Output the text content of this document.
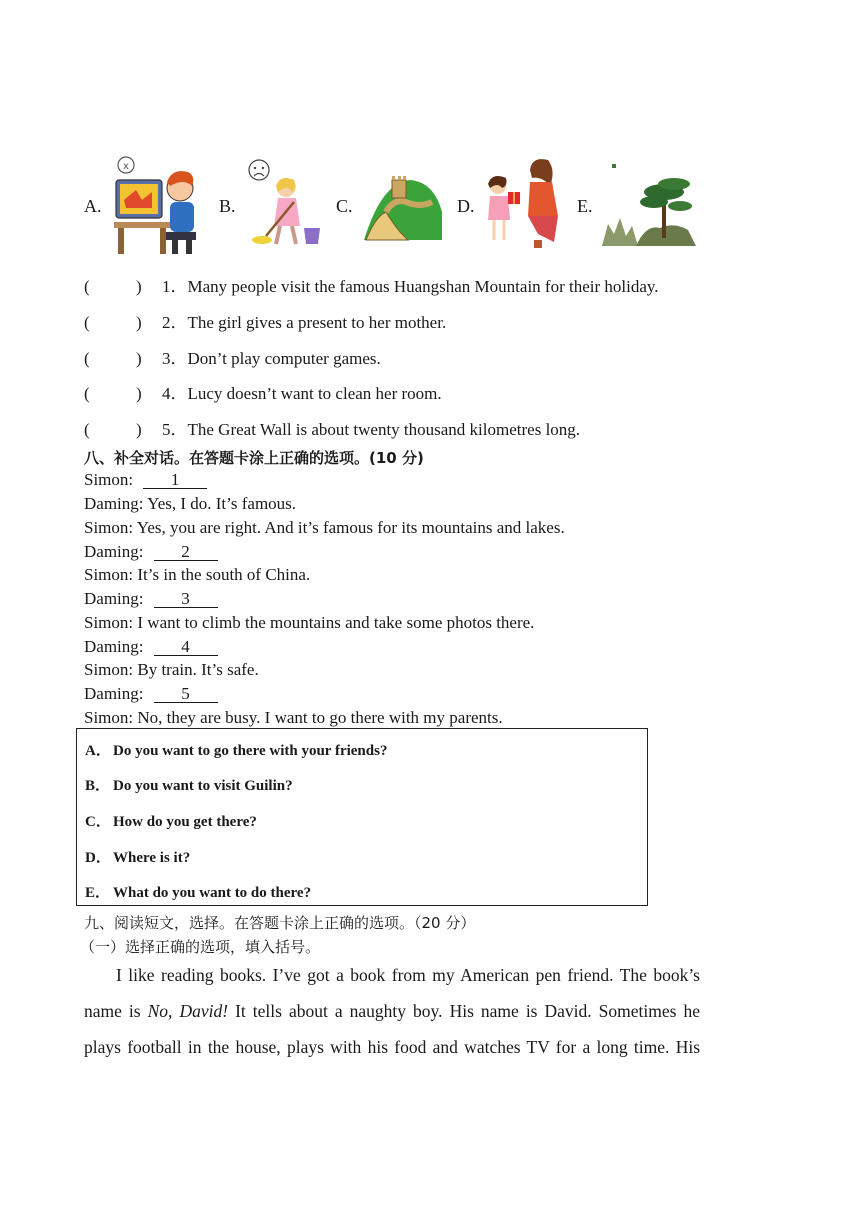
A.
x
B.	C.	D.	E.
(	) 1．Many people visit the famous Huangshan Mountain for their holiday.
(	) 2．The girl gives a present to her mother.
(	) 3．Don’t play computer games.
(	) 4．Lucy doesn’t want to clean her room.
(	) 5．The Great Wall is about twenty thousand kilometres long.
八、补全对话。在答题卡涂上正确的选项。(10 分)
Simon: 1
Daming: Yes, I do. It’s famous.
Simon: Yes, you are right. And it’s famous for its mountains and lakes.
Daming: 2
Simon: It’s in the south of China.
Daming: 3
Simon: I want to climb the mountains and take some photos there.
Daming: 4
Simon: By train. It’s safe.
Daming: 5
Simon: No, they are busy. I want to go there with my parents.
A． Do you want to go there with your friends?
B． Do you want to visit Guilin?
C． How do you get there?
D． Where is it?
E． What do you want to do there?
九、阅读短文，选择。在答题卡涂上正确的选项。（20 分）
（一）选择正确的选项，填入括号。
I like reading books. I’ve got a book from my American pen friend. The book’s
name is No, David! It tells about a naughty boy. His name is David. Sometimes he
plays football in the house, plays with his food and watches TV for a long time. His
